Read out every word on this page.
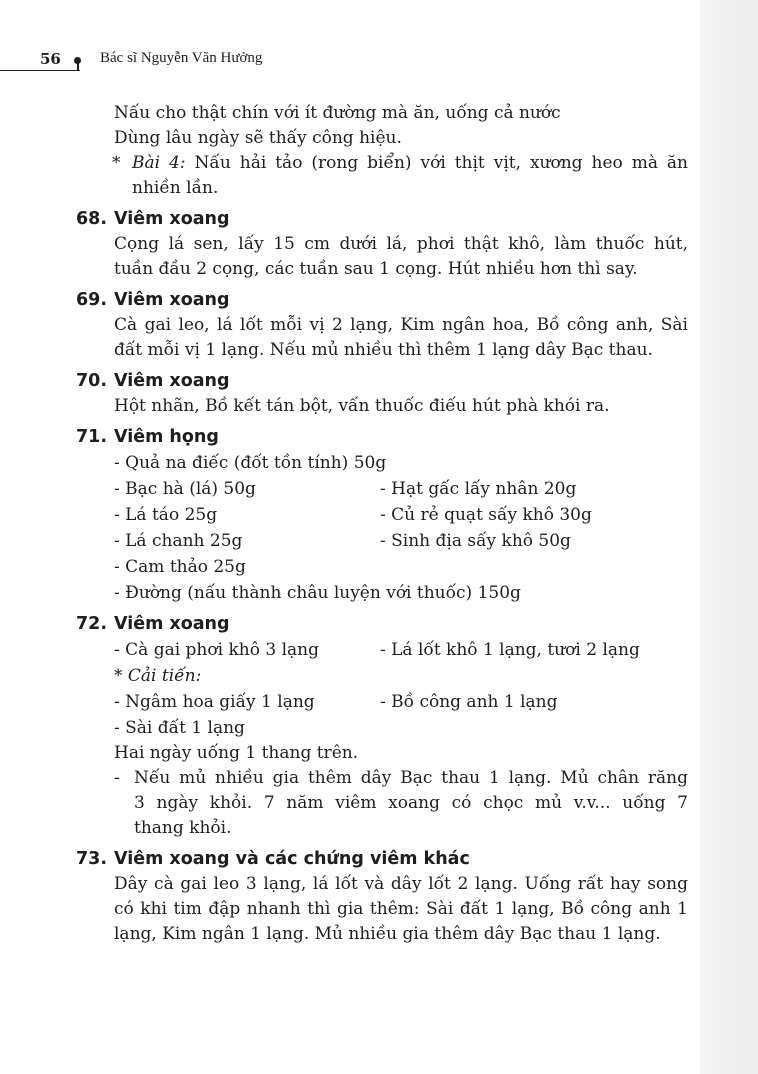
56	Bác sĩ Nguyễn Văn Hưởng
Nấu cho thật chín với ít đường mà ăn, uống cả nước
Dùng lâu ngày sẽ thấy công hiệu.
* Bài 4: Nấu hải tảo (rong biển) với thịt vịt, xương heo mà ăn
nhiền lần.
68. Viêm xoang
Cọng lá sen, lấy 15 cm dưới lá, phơi thật khô, làm thuốc hút,
tuần đầu 2 cọng, các tuần sau 1 cọng. Hút nhiều hơn thì say.
69. Viêm xoang
Cà gai leo, lá lốt mỗi vị 2 lạng, Kim ngân hoa, Bồ công anh, Sài
đất mỗi vị 1 lạng. Nếu mủ nhiều thì thêm 1 lạng dây Bạc thau.
70. Viêm xoang
Hột nhãn, Bồ kết tán bột, vấn thuốc điếu hút phà khói ra.
71. Viêm họng
- Quả na điếc (đốt tồn tính) 50g
- Bạc hà (lá) 50g	- Hạt gấc lấy nhân 20g
- Lá táo 25g	- Củ rẻ quạt sấy khô 30g
- Lá chanh 25g	- Sinh địa sấy khô 50g
- Cam thảo 25g
- Đường (nấu thành châu luyện với thuốc) 150g
72. Viêm xoang
- Cà gai phơi khô 3 lạng	- Lá lốt khô 1 lạng, tươi 2 lạng
* Cải tiến:
- Ngâm hoa giấy 1 lạng	- Bồ công anh 1 lạng
- Sài đất 1 lạng
Hai ngày uống 1 thang trên.
- Nếu mủ nhiều gia thêm dây Bạc thau 1 lạng. Mủ chân răng
3 ngày khỏi. 7 năm viêm xoang có chọc mủ v.v... uống 7
thang khỏi.
73. Viêm xoang và các chứng viêm khác
Dây cà gai leo 3 lạng, lá lốt và dây lốt 2 lạng. Uống rất hay song
có khi tim đập nhanh thì gia thêm: Sài đất 1 lạng, Bồ công anh 1
lạng, Kim ngân 1 lạng. Mủ nhiều gia thêm dây Bạc thau 1 lạng.
